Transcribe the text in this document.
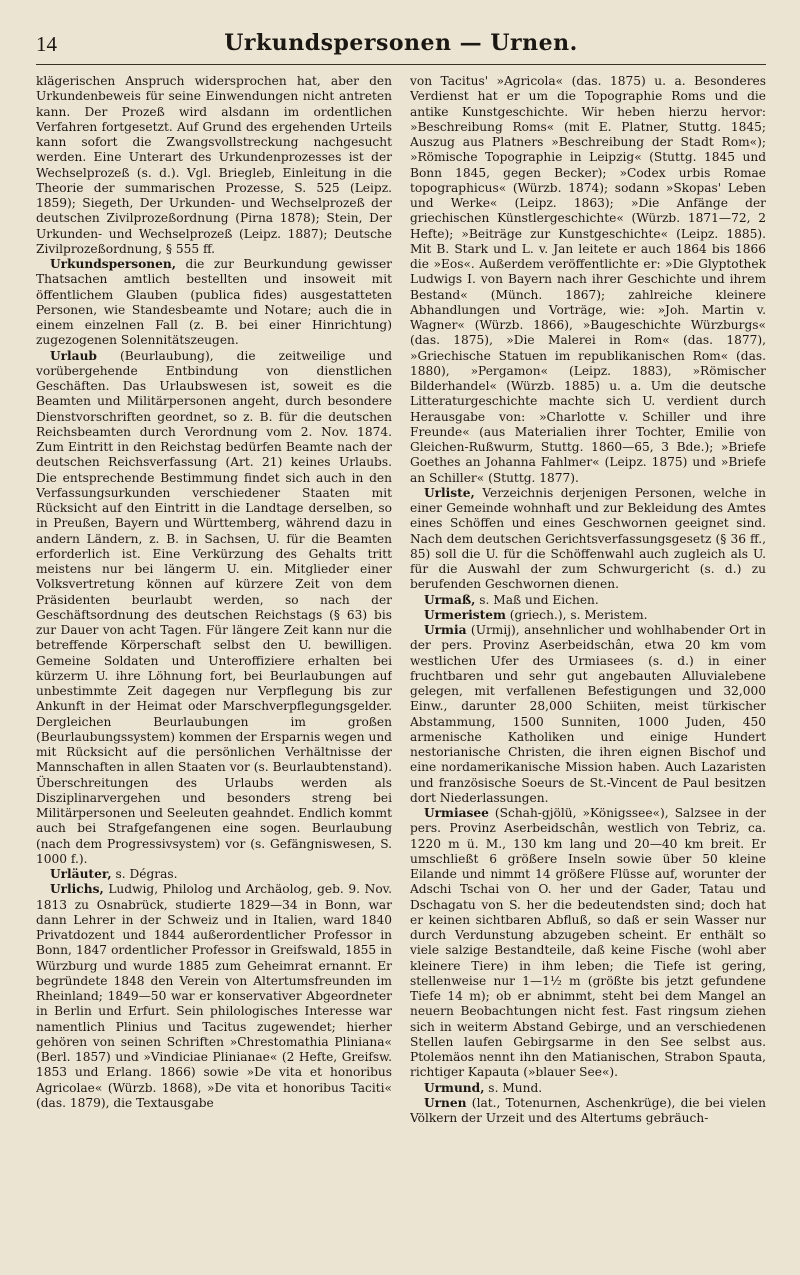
14	Urkundspersonen — Urnen.

klägerischen Anspruch widersprochen hat, aber den Urkundenbeweis für seine Einwendungen nicht antreten kann. Der Prozeß wird alsdann im ordentlichen Verfahren fortgesetzt. Auf Grund des ergehenden Urteils kann sofort die Zwangsvollstreckung nachgesucht werden. Eine Unterart des Urkundenprozesses ist der Wechselprozeß (s. d.). Vgl. Briegleb, Einleitung in die Theorie der summarischen Prozesse, S. 525 (Leipz. 1859); Siegeth, Der Urkunden- und Wechselprozeß der deutschen Zivilprozeßordnung (Pirna 1878); Stein, Der Urkunden- und Wechselprozeß (Leipz. 1887); Deutsche Zivilprozeßordnung, § 555 ff.

Urkundspersonen, die zur Beurkundung gewisser Thatsachen amtlich bestellten und insoweit mit öffentlichem Glauben (publica fides) ausgestatteten Personen, wie Standesbeamte und Notare; auch die in einem einzelnen Fall (z. B. bei einer Hinrichtung) zugezogenen Solennitätszeugen.

Urlaub (Beurlaubung), die zeitweilige und vorübergehende Entbindung von dienstlichen Geschäften. Das Urlaubswesen ist, soweit es die Beamten und Militärpersonen angeht, durch besondere Dienstvorschriften geordnet, so z. B. für die deutschen Reichsbeamten durch Verordnung vom 2. Nov. 1874. Zum Eintritt in den Reichstag bedürfen Beamte nach der deutschen Reichsverfassung (Art. 21) keines Urlaubs. Die entsprechende Bestimmung findet sich auch in den Verfassungsurkunden verschiedener Staaten mit Rücksicht auf den Eintritt in die Landtage derselben, so in Preußen, Bayern und Württemberg, während dazu in andern Ländern, z. B. in Sachsen, U. für die Beamten erforderlich ist. Eine Verkürzung des Gehalts tritt meistens nur bei längerm U. ein. Mitglieder einer Volksvertretung können auf kürzere Zeit von dem Präsidenten beurlaubt werden, so nach der Geschäftsordnung des deutschen Reichstags (§ 63) bis zur Dauer von acht Tagen. Für längere Zeit kann nur die betreffende Körperschaft selbst den U. bewilligen. Gemeine Soldaten und Unteroffiziere erhalten bei kürzerm U. ihre Löhnung fort, bei Beurlaubungen auf unbestimmte Zeit dagegen nur Verpflegung bis zur Ankunft in der Heimat oder Marschverpflegungsgelder. Dergleichen Beurlaubungen im großen (Beurlaubungssystem) kommen der Ersparnis wegen und mit Rücksicht auf die persönlichen Verhältnisse der Mannschaften in allen Staaten vor (s. Beurlaubtenstand). Überschreitungen des Urlaubs werden als Disziplinarvergehen und besonders streng bei Militärpersonen und Seeleuten geahndet. Endlich kommt auch bei Strafgefangenen eine sogen. Beurlaubung (nach dem Progressivsystem) vor (s. Gefängniswesen, S. 1000 f.).

Urläuter, s. Dégras.

Urlichs, Ludwig, Philolog und Archäolog, geb. 9. Nov. 1813 zu Osnabrück, studierte 1829—34 in Bonn, war dann Lehrer in der Schweiz und in Italien, ward 1840 Privatdozent und 1844 außerordentlicher Professor in Bonn, 1847 ordentlicher Professor in Greifswald, 1855 in Würzburg und wurde 1885 zum Geheimrat ernannt. Er begründete 1848 den Verein von Altertumsfreunden im Rheinland; 1849—50 war er konservativer Abgeordneter in Berlin und Erfurt. Sein philologisches Interesse war namentlich Plinius und Tacitus zugewendet; hierher gehören von seinen Schriften »Chrestomathia Pliniana« (Berl. 1857) und »Vindiciae Plinianae« (2 Hefte, Greifsw. 1853 und Erlang. 1866) sowie »De vita et honoribus Agricolae« (Würzb. 1868), »De vita et honoribus Taciti« (das. 1879), die Textausgabe

von Tacitus' »Agricola« (das. 1875) u. a. Besonderes Verdienst hat er um die Topographie Roms und die antike Kunstgeschichte. Wir heben hierzu hervor: »Beschreibung Roms« (mit E. Platner, Stuttg. 1845; Auszug aus Platners »Beschreibung der Stadt Rom«); »Römische Topographie in Leipzig« (Stuttg. 1845 und Bonn 1845, gegen Becker); »Codex urbis Romae topographicus« (Würzb. 1874); sodann »Skopas' Leben und Werke« (Leipz. 1863); »Die Anfänge der griechischen Künstlergeschichte« (Würzb. 1871—72, 2 Hefte); »Beiträge zur Kunstgeschichte« (Leipz. 1885). Mit B. Stark und L. v. Jan leitete er auch 1864 bis 1866 die »Eos«. Außerdem veröffentlichte er: »Die Glyptothek Ludwigs I. von Bayern nach ihrer Geschichte und ihrem Bestand« (Münch. 1867); zahlreiche kleinere Abhandlungen und Vorträge, wie: »Joh. Martin v. Wagner« (Würzb. 1866), »Baugeschichte Würzburgs« (das. 1875), »Die Malerei in Rom« (das. 1877), »Griechische Statuen im republikanischen Rom« (das. 1880), »Pergamon« (Leipz. 1883), »Römischer Bilderhandel« (Würzb. 1885) u. a. Um die deutsche Litteraturgeschichte machte sich U. verdient durch Herausgabe von: »Charlotte v. Schiller und ihre Freunde« (aus Materialien ihrer Tochter, Emilie von Gleichen-Rußwurm, Stuttg. 1860—65, 3 Bde.); »Briefe Goethes an Johanna Fahlmer« (Leipz. 1875) und »Briefe an Schiller« (Stuttg. 1877).

Urliste, Verzeichnis derjenigen Personen, welche in einer Gemeinde wohnhaft und zur Bekleidung des Amtes eines Schöffen und eines Geschwornen geeignet sind. Nach dem deutschen Gerichtsverfassungsgesetz (§ 36 ff., 85) soll die U. für die Schöffenwahl auch zugleich als U. für die Auswahl der zum Schwurgericht (s. d.) zu berufenden Geschwornen dienen.

Urmaß, s. Maß und Eichen.

Urmeristem (griech.), s. Meristem.

Urmia (Urmij), ansehnlicher und wohlhabender Ort in der pers. Provinz Aserbeidschân, etwa 20 km vom westlichen Ufer des Urmiasees (s. d.) in einer fruchtbaren und sehr gut angebauten Alluvialebene gelegen, mit verfallenen Befestigungen und 32,000 Einw., darunter 28,000 Schiiten, meist türkischer Abstammung, 1500 Sunniten, 1000 Juden, 450 armenische Katholiken und einige Hundert nestorianische Christen, die ihren eignen Bischof und eine nordamerikanische Mission haben. Auch Lazaristen und französische Soeurs de St.-Vincent de Paul besitzen dort Niederlassungen.

Urmiasee (Schah-gjölü, »Königssee«), Salzsee in der pers. Provinz Aserbeidschân, westlich von Tebriz, ca. 1220 m ü. M., 130 km lang und 20—40 km breit. Er umschließt 6 größere Inseln sowie über 50 kleine Eilande und nimmt 14 größere Flüsse auf, worunter der Adschi Tschai von O. her und der Gader, Tatau und Dschagatu von S. her die bedeutendsten sind; doch hat er keinen sichtbaren Abfluß, so daß er sein Wasser nur durch Verdunstung abzugeben scheint. Er enthält so viele salzige Bestandteile, daß keine Fische (wohl aber kleinere Tiere) in ihm leben; die Tiefe ist gering, stellenweise nur 1—1½ m (größte bis jetzt gefundene Tiefe 14 m); ob er abnimmt, steht bei dem Mangel an neuern Beobachtungen nicht fest. Fast ringsum ziehen sich in weiterm Abstand Gebirge, und an verschiedenen Stellen laufen Gebirgsarme in den See selbst aus. Ptolemäos nennt ihn den Matianischen, Strabon Spauta, richtiger Kapauta (»blauer See«).

Urmund, s. Mund.

Urnen (lat., Totenurnen, Aschenkrüge), die bei vielen Völkern der Urzeit und des Altertums gebräuch-
